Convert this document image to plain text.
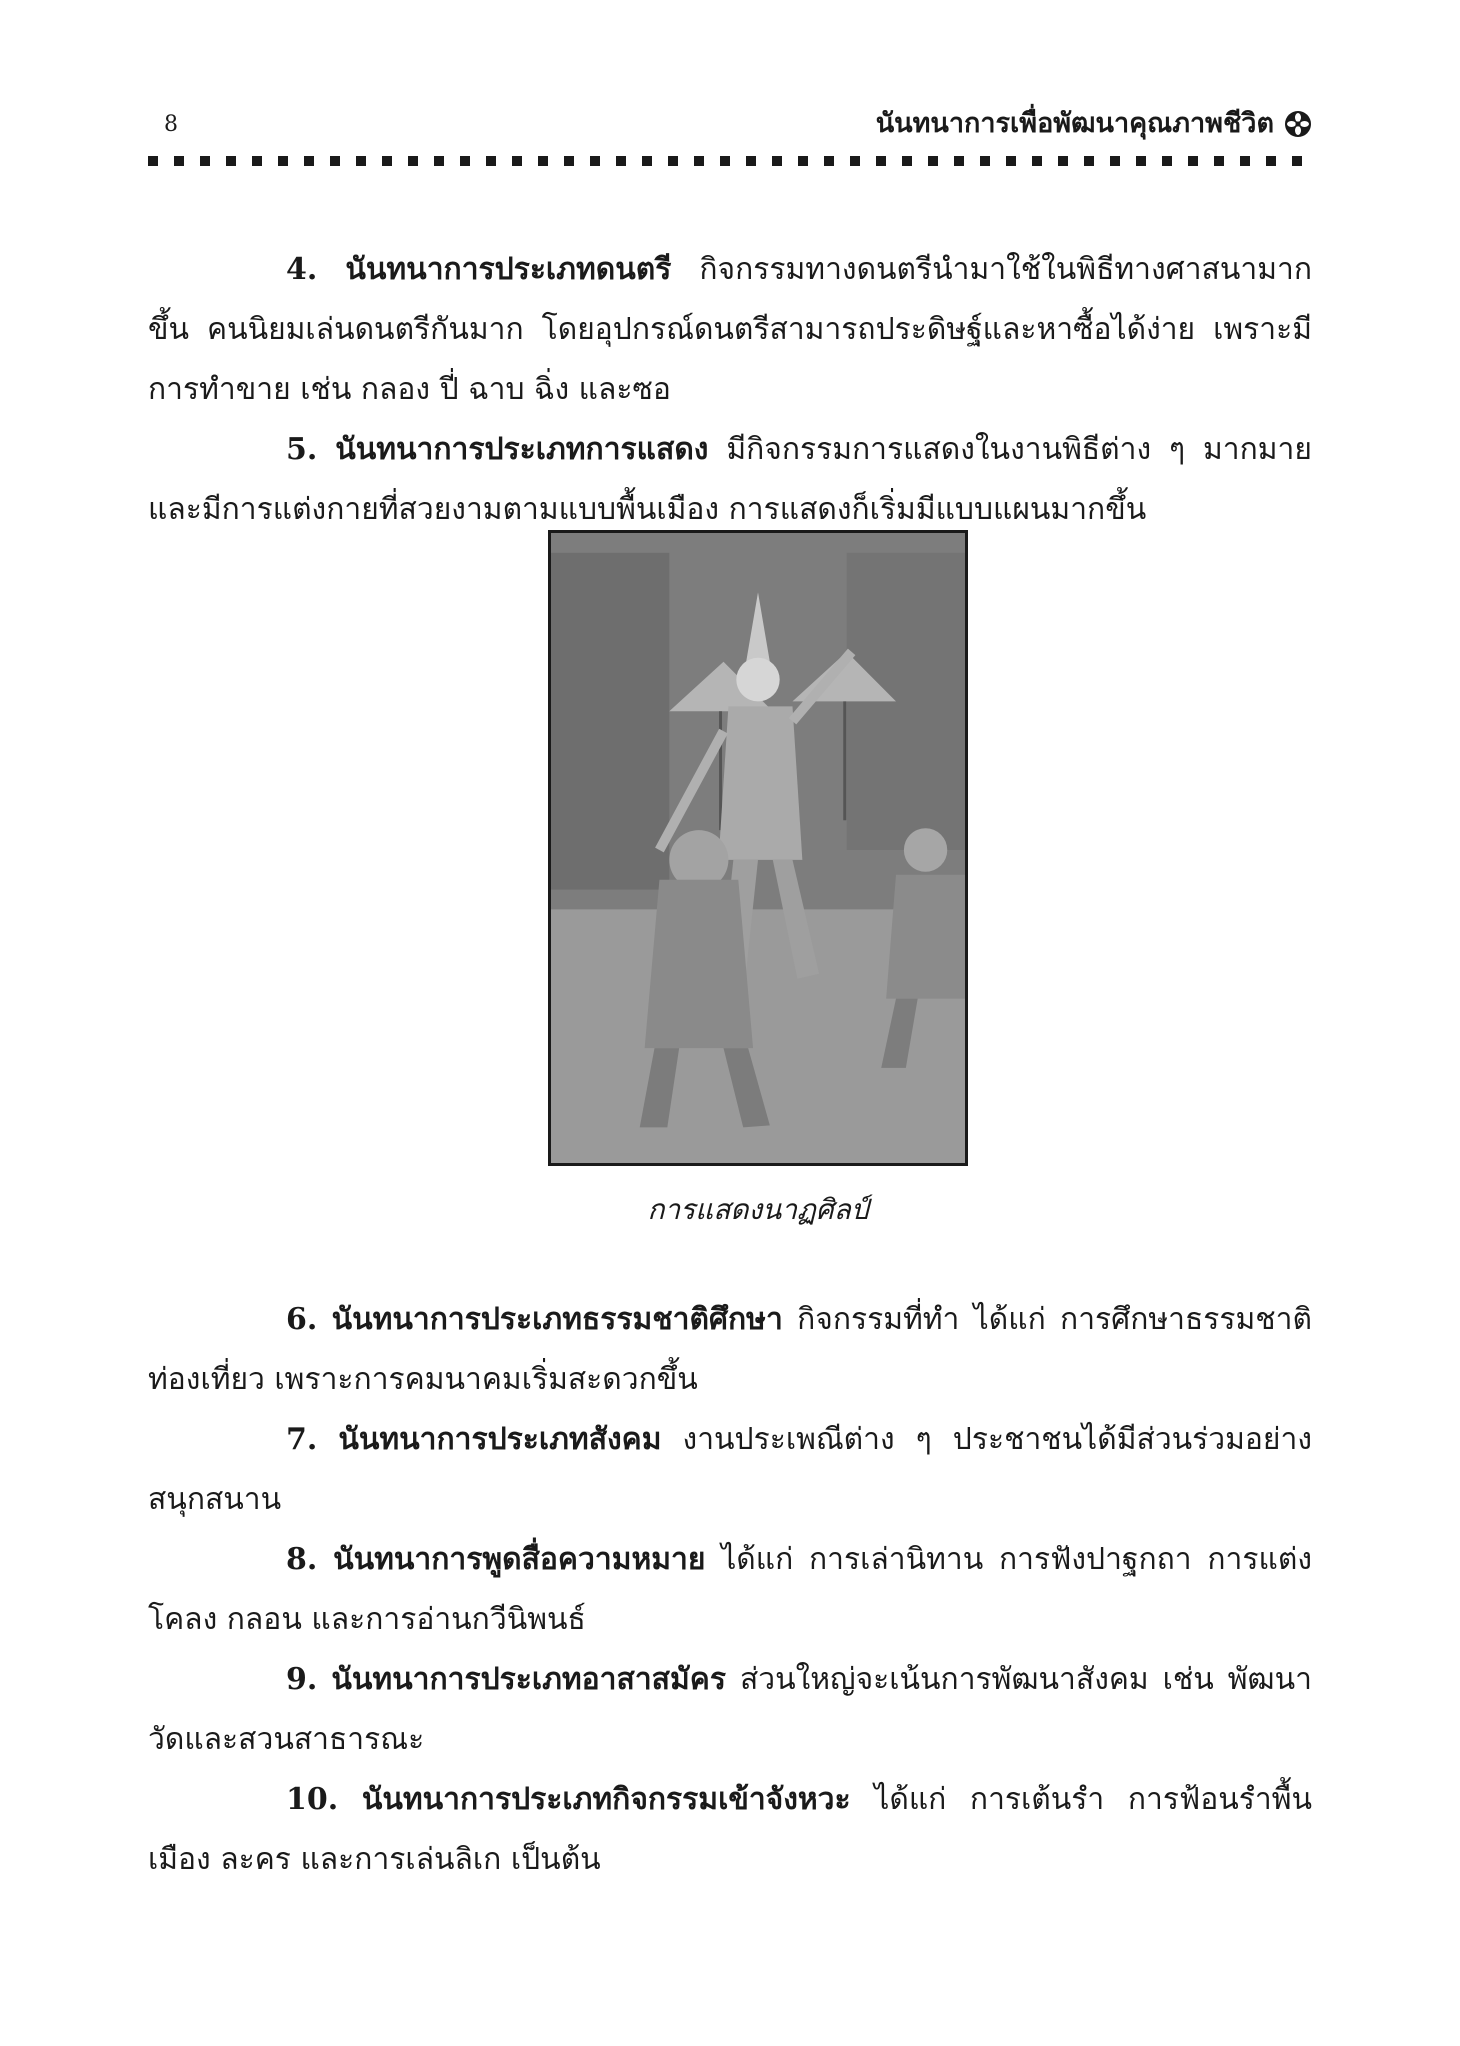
8	นันทนาการเพื่อพัฒนาคุณภาพชีวิต

4. นันทนาการประเภทดนตรี กิจกรรมทางดนตรีนำมาใช้ในพิธีทางศาสนามากขึ้น คนนิยมเล่นดนตรีกันมาก โดยอุปกรณ์ดนตรีสามารถประดิษฐ์และหาซื้อได้ง่าย เพราะมีการทำขาย เช่น กลอง ปี่ ฉาบ ฉิ่ง และซอ

5. นันทนาการประเภทการแสดง มีกิจกรรมการแสดงในงานพิธีต่าง ๆ มากมาย และมีการแต่งกายที่สวยงามตามแบบพื้นเมือง การแสดงก็เริ่มมีแบบแผนมากขึ้น

การแสดงนาฏศิลป์

6. นันทนาการประเภทธรรมชาติศึกษา กิจกรรมที่ทำ ได้แก่ การศึกษาธรรมชาติ ท่องเที่ยว เพราะการคมนาคมเริ่มสะดวกขึ้น

7. นันทนาการประเภทสังคม งานประเพณีต่าง ๆ ประชาชนได้มีส่วนร่วมอย่างสนุกสนาน

8. นันทนาการพูดสื่อความหมาย ได้แก่ การเล่านิทาน การฟังปาฐกถา การแต่งโคลง กลอน และการอ่านกวีนิพนธ์

9. นันทนาการประเภทอาสาสมัคร ส่วนใหญ่จะเน้นการพัฒนาสังคม เช่น พัฒนาวัดและสวนสาธารณะ

10. นันทนาการประเภทกิจกรรมเข้าจังหวะ ได้แก่ การเต้นรำ การฟ้อนรำพื้นเมือง ละคร และการเล่นลิเก เป็นต้น
